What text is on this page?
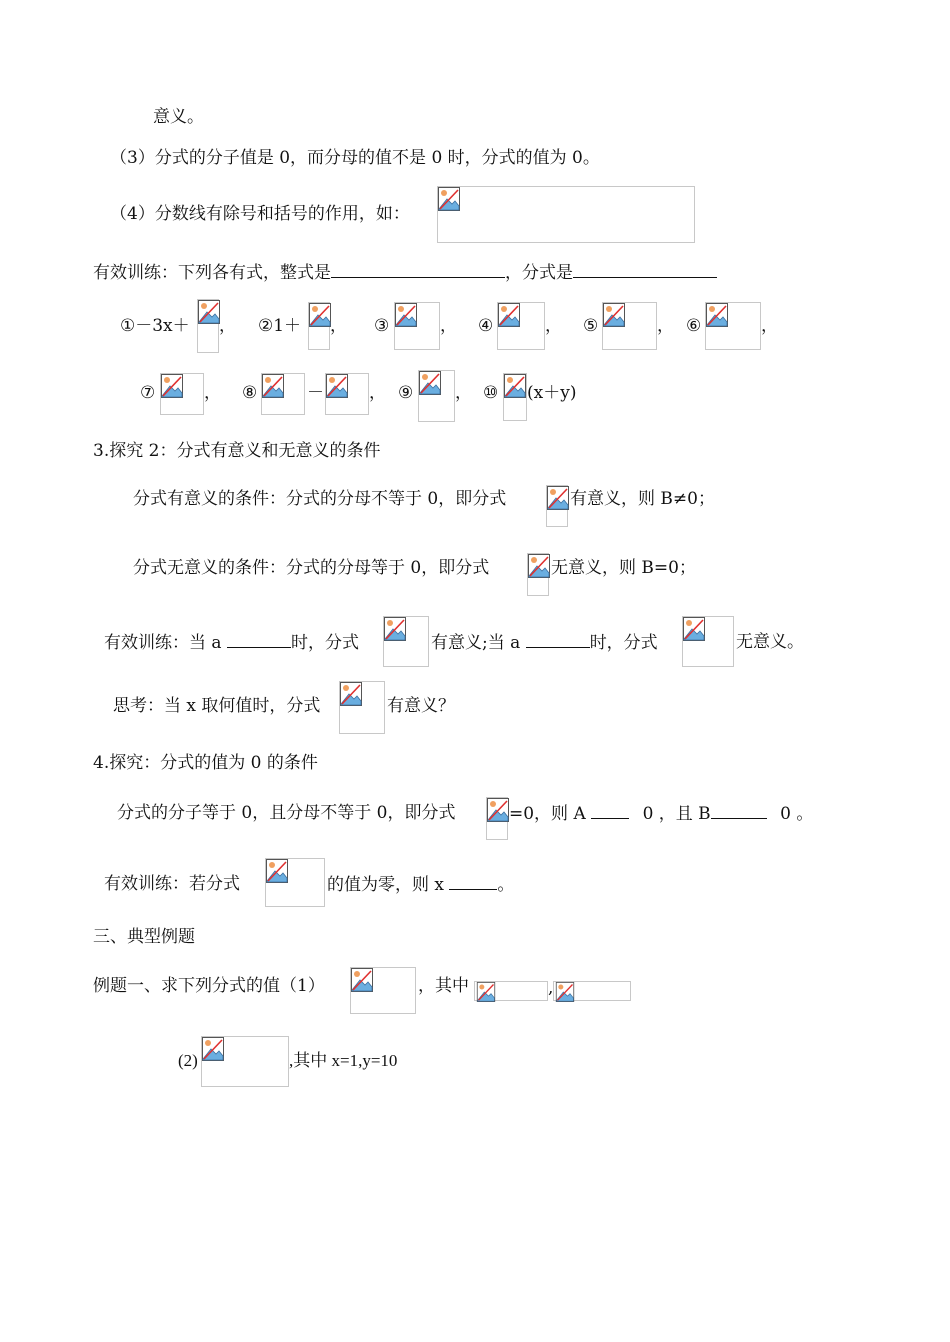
意义。
（3）分式的分子值是 0，而分母的值不是 0 时，分式的值为 0。
（4）分数线有除号和括号的作用，如：
有效训练：下列各有式，整式是	，分式是
①－3x＋ ， ②1＋ ， ③	， ④	， ⑤	， ⑥	，
⑦	， ⑧	－	， ⑨ ， ⑩ (x＋y)
3.探究 2：分式有意义和无意义的条件
分式有意义的条件：分式的分母不等于 0，即分式	有意义，则 B≠0；
分式无意义的条件：分式的分母等于 0，即分式	无意义，则 B=0；
有效训练：当 a	时，分式	有意义;当 a	时，分式	无意义。
思考：当 x 取何值时，分式	有意义？
4.探究：分式的值为 0 的条件
分式的分子等于 0，且分母不等于 0，即分式	=0，则 A	0 ，且 B	0 。
有效训练：若分式	的值为零，则 x	。
三、典型例题
例题一、求下列分式的值（1）	，其中	,
(2)	,其中 x=1,y=10
